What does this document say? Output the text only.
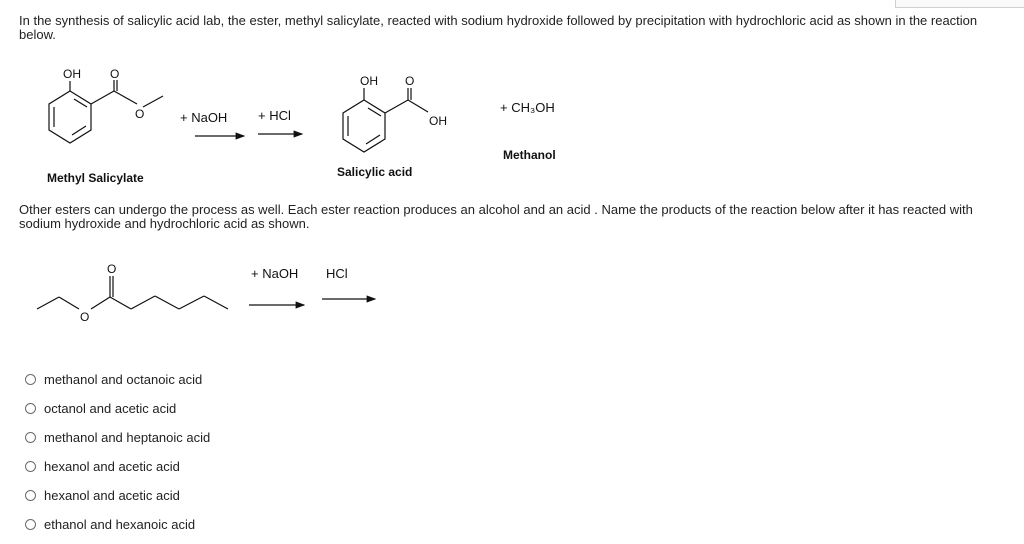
In the synthesis of salicylic acid lab, the ester, methyl salicylate, reacted with sodium hydroxide followed by precipitation with hydrochloric acid as shown in the reaction below.

OH O
O	+ NaOH + HCl
OH O
OH
+ CH₃OH
Methyl Salicylate	Salicylic acid
Methanol
O
O
+ NaOH HCl

Other esters can undergo the process as well. Each ester reaction produces an alcohol and an acid . Name the products of the reaction below after it has reacted with sodium hydroxide and hydrochloric acid as shown.

methanol and octanoic acid
octanol and acetic acid
methanol and heptanoic acid
hexanol and acetic acid
hexanol and acetic acid
ethanol and hexanoic acid
